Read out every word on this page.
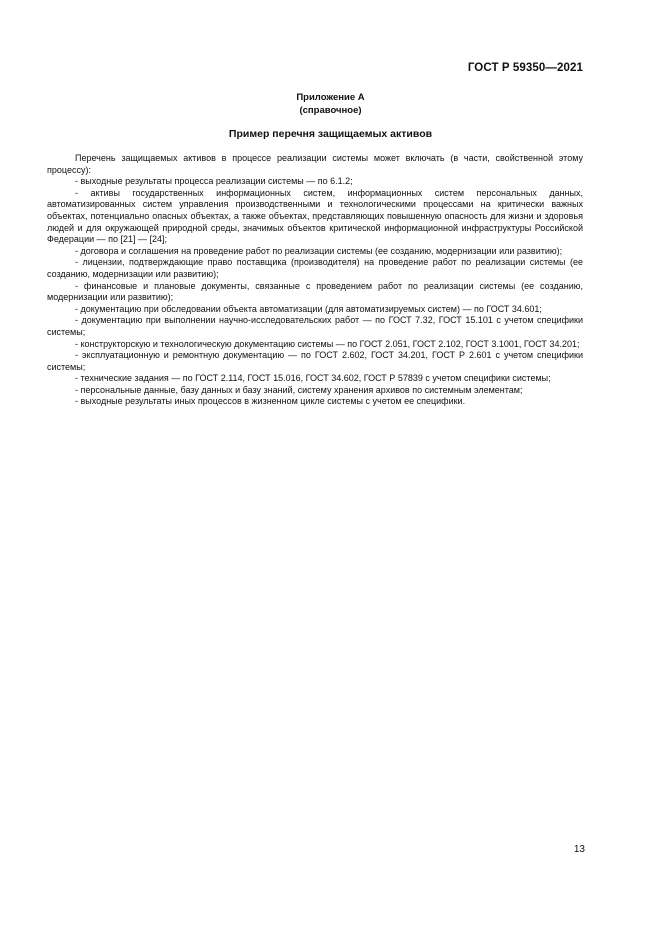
ГОСТ Р 59350—2021
Приложение А
(справочное)
Пример перечня защищаемых активов

Перечень защищаемых активов в процессе реализации системы может включать (в части, свойственной этому процессу):

- выходные результаты процесса реализации системы — по 6.1.2;

- активы государственных информационных систем, информационных систем персональных данных, автоматизированных систем управления производственными и технологическими процессами на критически важных объектах, потенциально опасных объектах, а также объектах, представляющих повышенную опасность для жизни и здоровья людей и для окружающей природной среды, значимых объектов критической информационной инфраструктуры Российской Федерации — по [21] — [24];

- договора и соглашения на проведение работ по реализации системы (ее созданию, модернизации или развитию);

- лицензии, подтверждающие право поставщика (производителя) на проведение работ по реализации системы (ее созданию, модернизации или развитию);

- финансовые и плановые документы, связанные с проведением работ по реализации системы (ее созданию, модернизации или развитию);

- документацию при обследовании объекта автоматизации (для автоматизируемых систем) — по ГОСТ 34.601;

- документацию при выполнении научно-исследовательских работ — по ГОСТ 7.32, ГОСТ 15.101 с учетом специфики системы;

- конструкторскую и технологическую документацию системы — по ГОСТ 2.051, ГОСТ 2.102, ГОСТ 3.1001, ГОСТ 34.201;

- эксплуатационную и ремонтную документацию — по ГОСТ 2.602, ГОСТ 34.201, ГОСТ Р 2.601 с учетом специфики системы;

- технические задания — по ГОСТ 2.114, ГОСТ 15.016, ГОСТ 34.602, ГОСТ Р 57839 с учетом специфики системы;

- персональные данные, базу данных и базу знаний, систему хранения архивов по системным элементам;

- выходные результаты иных процессов в жизненном цикле системы с учетом ее специфики.

13
